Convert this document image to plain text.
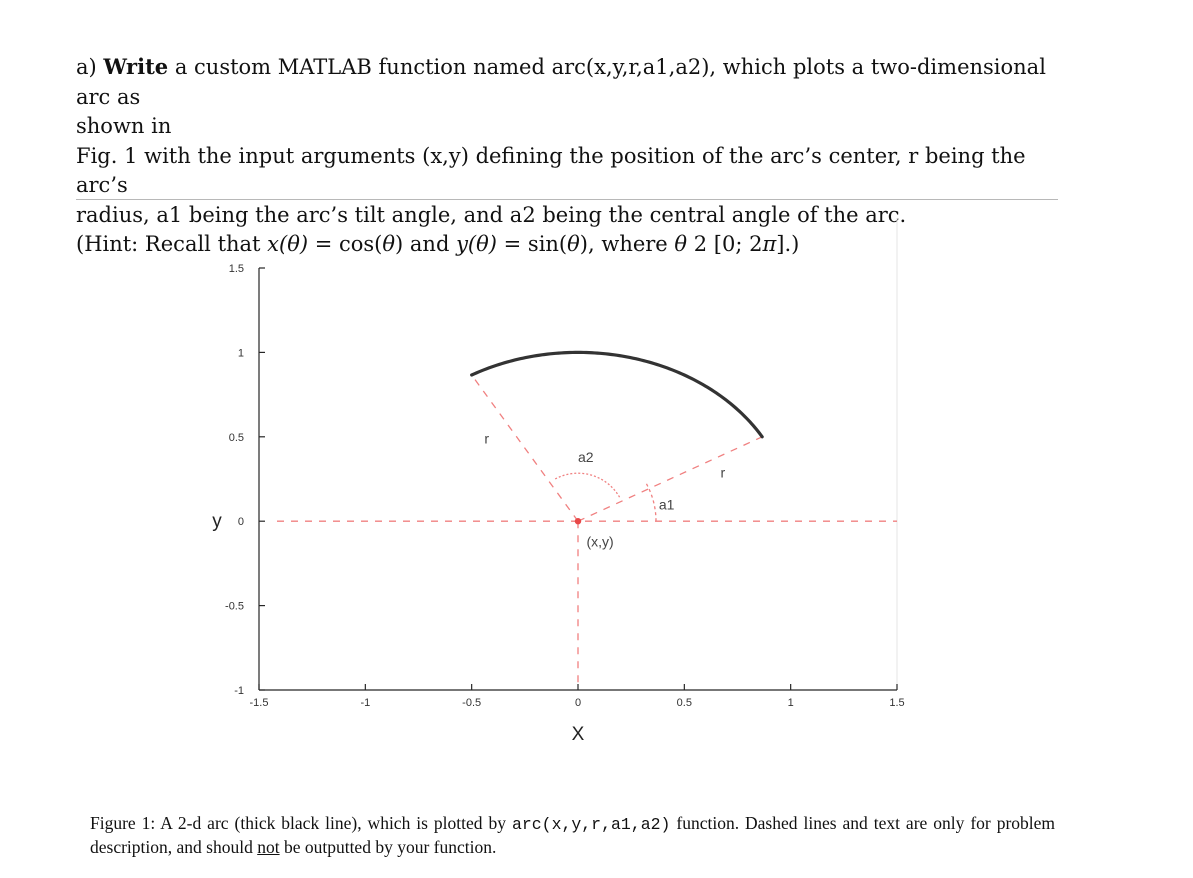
a) Write a custom MATLAB function named arc(x,y,r,a1,a2), which plots a two-dimensional arc as

shown in

Fig. 1 with the input arguments (x,y) defining the position of the arc’s center, r being the arc’s

radius, a1 being the arc’s tilt angle, and a2 being the central angle of the arc.

(Hint: Recall that x(θ) = cos(θ) and y(θ) = sin(θ), where θ 2 [0; 2π].)

-1.5	-1	-0.5	0	0.5	1	1.5
-1
-0.5
0
0.5
1
1.5
X
y
r
r
a2
a1
(x,y)
Figure 1: A 2-d arc (thick black line), which is plotted by arc(x,y,r,a1,a2) function. Dashed lines and text are only for problem description, and should not be outputted by your function.
